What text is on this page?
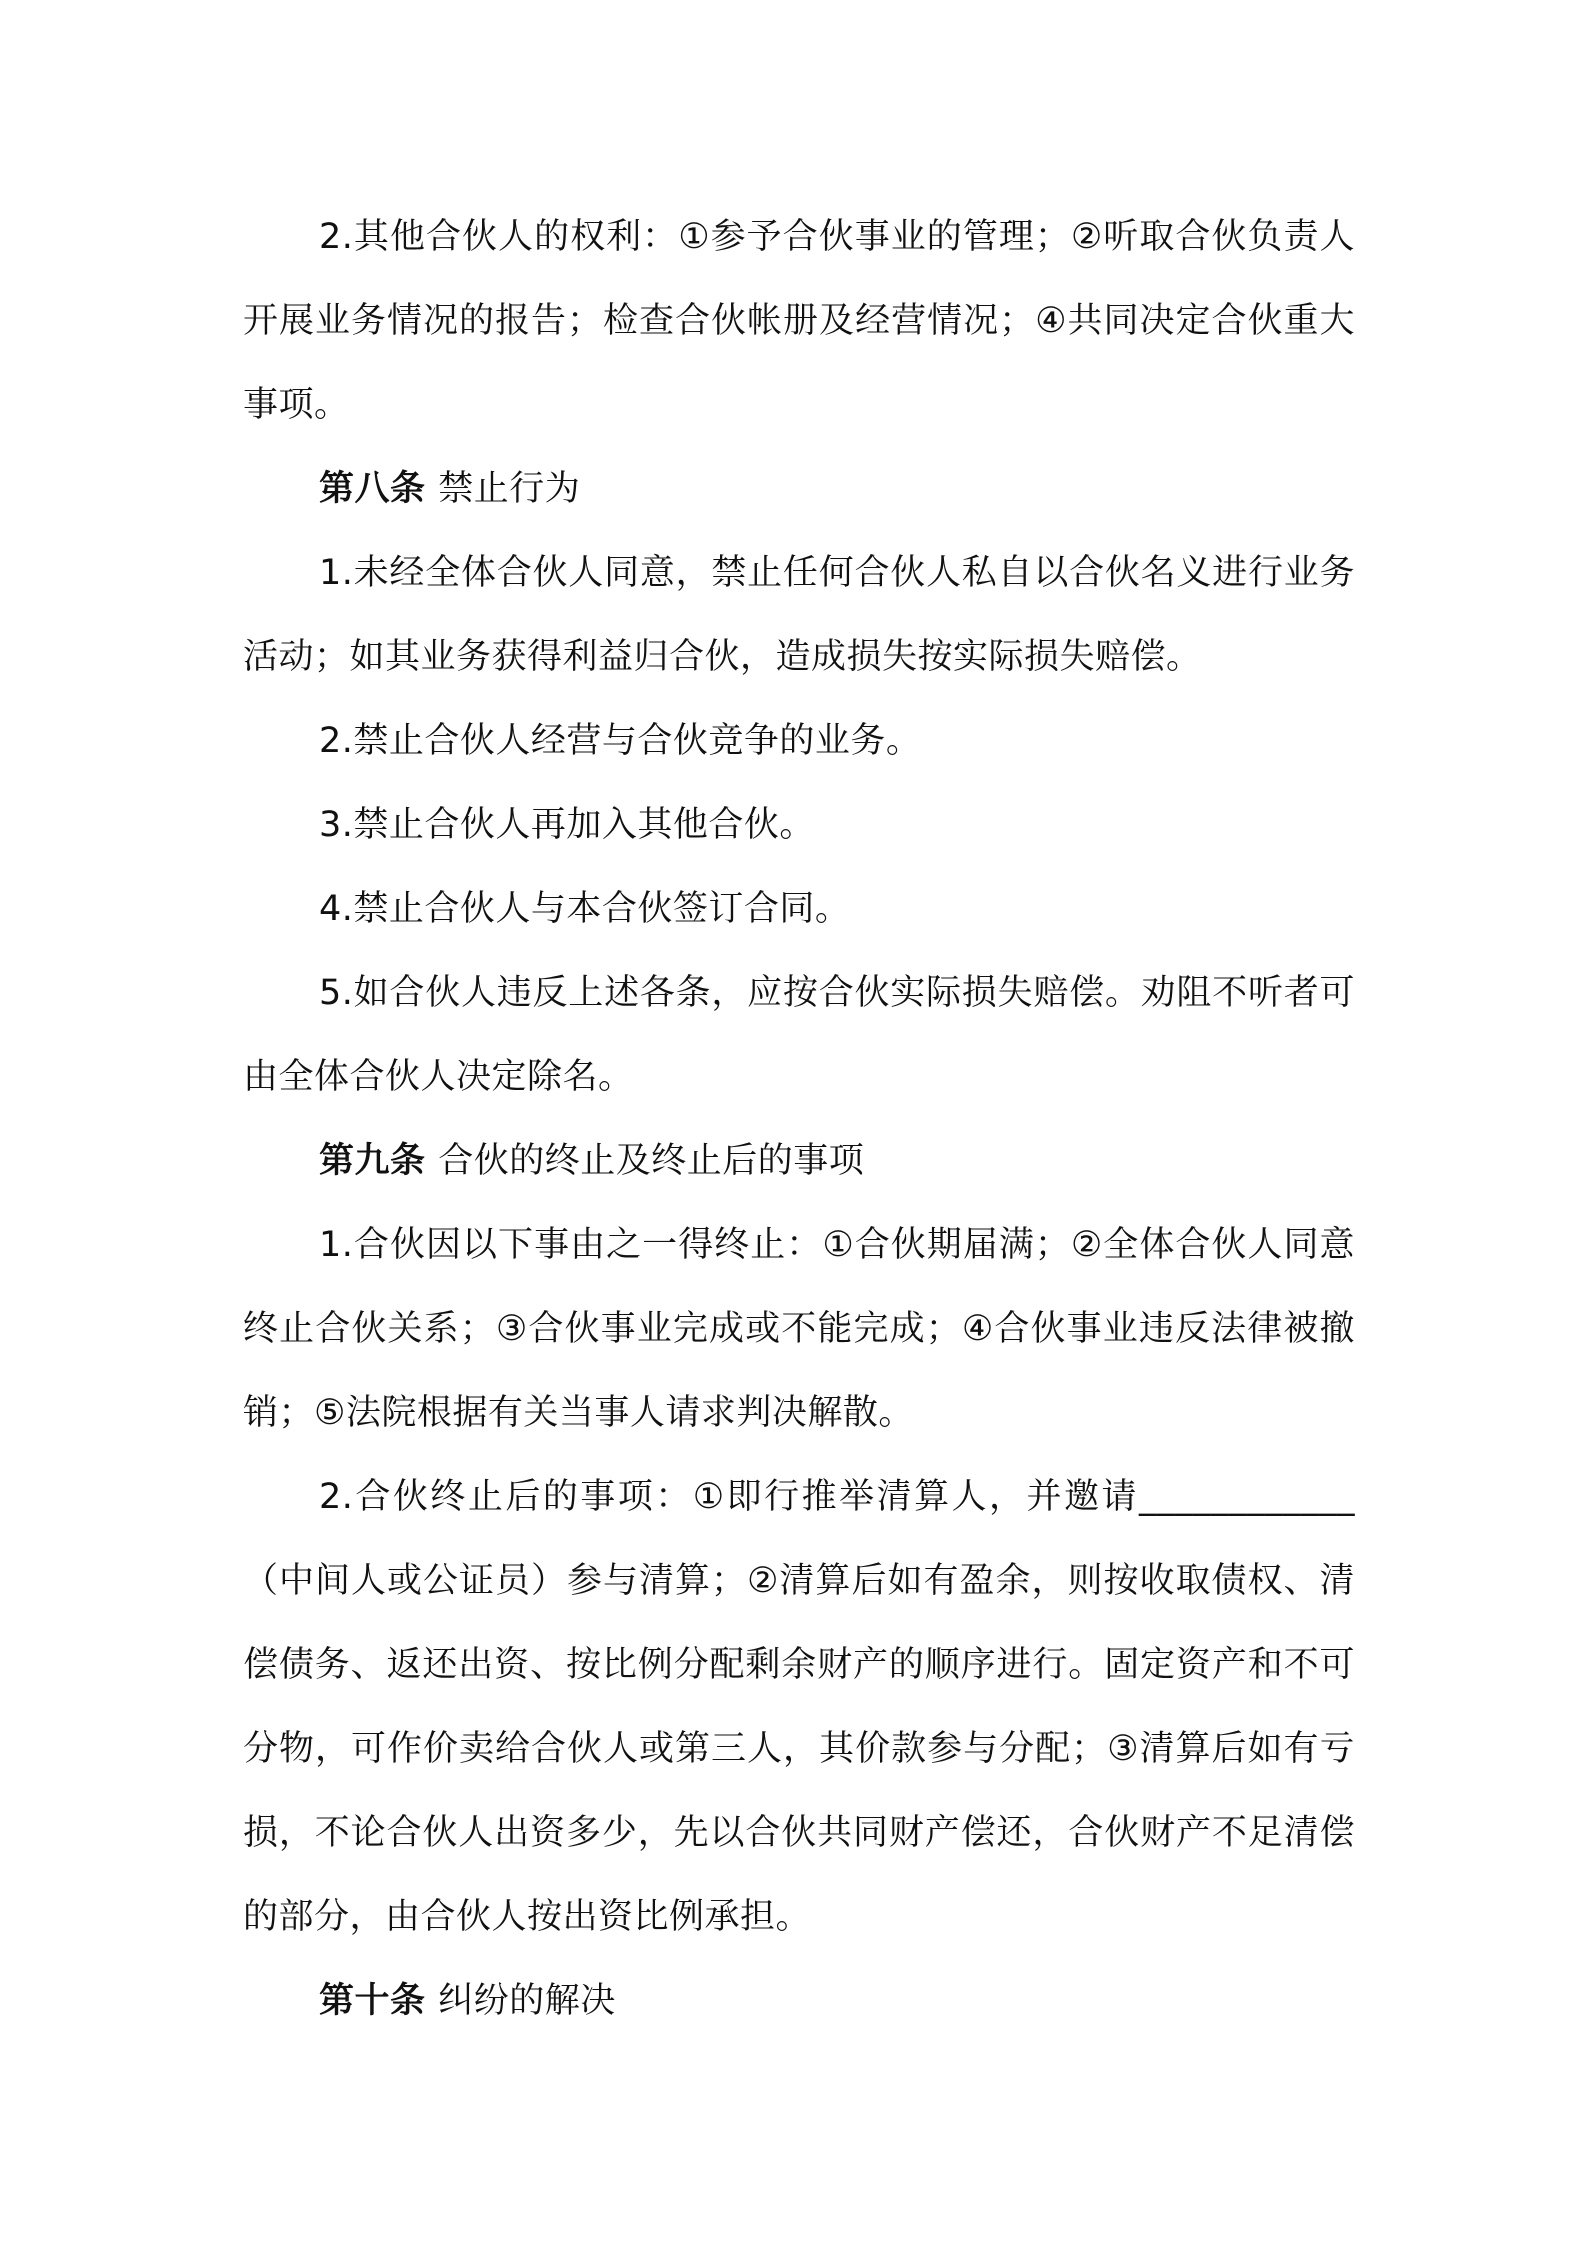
2.其他合伙人的权利：①参予合伙事业的管理；②听取合伙负责人开展业务情况的报告；检查合伙帐册及经营情况；④共同决定合伙重大事项。

第八条 禁止行为

1.未经全体合伙人同意，禁止任何合伙人私自以合伙名义进行业务活动；如其业务获得利益归合伙，造成损失按实际损失赔偿。

2.禁止合伙人经营与合伙竞争的业务。

3.禁止合伙人再加入其他合伙。

4.禁止合伙人与本合伙签订合同。

5.如合伙人违反上述各条，应按合伙实际损失赔偿。劝阻不听者可由全体合伙人决定除名。

第九条 合伙的终止及终止后的事项

1.合伙因以下事由之一得终止：①合伙期届满；②全体合伙人同意终止合伙关系；③合伙事业完成或不能完成；④合伙事业违反法律被撤销；⑤法院根据有关当事人请求判决解散。

2.合伙终止后的事项：①即行推举清算人，并邀请____________（中间人或公证员）参与清算；②清算后如有盈余，则按收取债权、清偿债务、返还出资、按比例分配剩余财产的顺序进行。固定资产和不可分物，可作价卖给合伙人或第三人，其价款参与分配；③清算后如有亏损，不论合伙人出资多少，先以合伙共同财产偿还，合伙财产不足清偿的部分，由合伙人按出资比例承担。

第十条 纠纷的解决
